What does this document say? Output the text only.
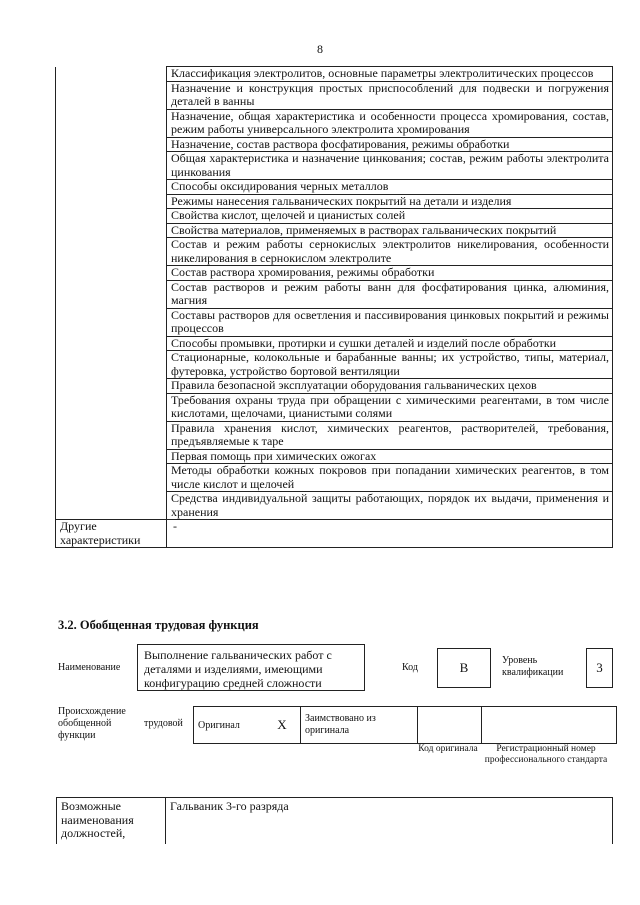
8
	Классификация электролитов, основные параметры электролитических процессов
	Назначение и конструкция простых приспособлений для подвески и погружения деталей в ванны
	Назначение, общая характеристика и особенности процесса хромирования, состав, режим работы универсального электролита хромирования
	Назначение, состав раствора фосфатирования, режимы обработки
	Общая характеристика и назначение цинкования; состав, режим работы электролита цинкования
	Способы оксидирования черных металлов
	Режимы нанесения гальванических покрытий на детали и изделия
	Свойства кислот, щелочей и цианистых солей
	Свойства материалов, применяемых в растворах гальванических покрытий
	Состав и режим работы сернокислых электролитов никелирования, особенности никелирования в сернокислом электролите
	Состав раствора хромирования, режимы обработки
	Состав растворов и режим работы ванн для фосфатирования цинка, алюминия, магния
	Составы растворов для осветления и пассивирования цинковых покрытий и режимы процессов
	Способы промывки, протирки и сушки деталей и изделий после обработки
	Стационарные, колокольные и барабанные ванны; их устройство, типы, материал, футеровка, устройство бортовой вентиляции
	Правила безопасной эксплуатации оборудования гальванических цехов
	Требования охраны труда при обращении с химическими реагентами, в том числе кислотами, щелочами, цианистыми солями
	Правила хранения кислот, химических реагентов, растворителей, требования, предъявляемые к таре
	Первая помощь при химических ожогах
	Методы обработки кожных покровов при попадании химических реагентов, в том числе кислот и щелочей
	Средства индивидуальной защиты работающих, порядок их выдачи, применения и хранения
Другие характеристики	-
3.2. Обобщенная трудовая функция
Наименование
Выполнение гальванических работ с деталями и изделиями, имеющими конфигурацию средней сложности
Код	B	Уровень квалификации	3
Происхождение обобщенной функции
трудовой Оригинал	X	Заимствовано из оригинала		
Код оригинала	Регистрационный номер профессионального стандарта
Возможные наименования должностей,	Гальваник 3-го разряда
